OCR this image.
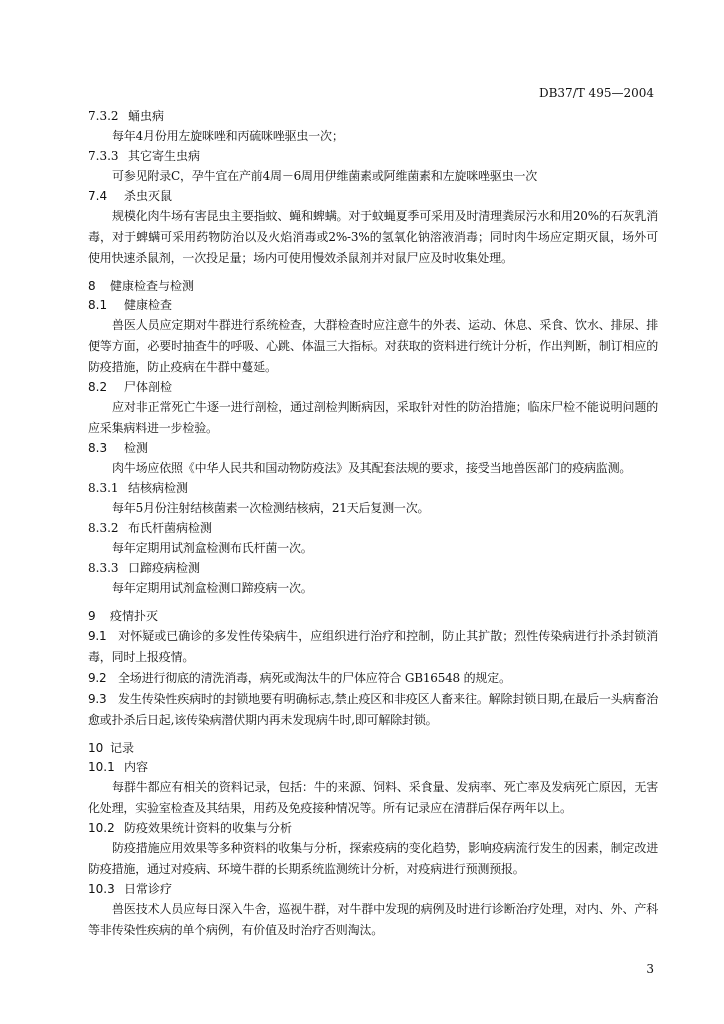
DB37/T 495—2004
7.3.2 蛹虫病
每年4月份用左旋咪唑和丙硫咪唑驱虫一次；
7.3.3 其它寄生虫病
可参见附录C，孕牛宜在产前4周－6周用伊维菌素或阿维菌素和左旋咪唑驱虫一次
7.4 杀虫灭鼠
规模化肉牛场有害昆虫主要指蚊、蝇和蜱螨。对于蚊蝇夏季可采用及时清理粪尿污水和用20%的石灰乳消毒，对于蜱螨可采用药物防治以及火焰消毒或2%-3%的氢氧化钠溶液消毒；同时肉牛场应定期灭鼠，场外可使用快速杀鼠剂，一次投足量；场内可使用慢效杀鼠剂并对鼠尸应及时收集处理。
8 健康检查与检测
8.1 健康检查
兽医人员应定期对牛群进行系统检查，大群检查时应注意牛的外表、运动、休息、采食、饮水、排尿、排便等方面，必要时抽查牛的呼吸、心跳、体温三大指标。对获取的资料进行统计分析，作出判断，制订相应的防疫措施，防止疫病在牛群中蔓延。
8.2 尸体剖检
应对非正常死亡牛逐一进行剖检，通过剖检判断病因，采取针对性的防治措施；临床尸检不能说明问题的应采集病料进一步检验。
8.3 检测
肉牛场应依照《中华人民共和国动物防疫法》及其配套法规的要求，接受当地兽医部门的疫病监测。
8.3.1 结核病检测
每年5月份注射结核菌素一次检测结核病，21天后复测一次。
8.3.2 布氏杆菌病检测
每年定期用试剂盒检测布氏杆菌一次。
8.3.3 口蹄疫病检测
每年定期用试剂盒检测口蹄疫病一次。
9 疫情扑灭
9.1 对怀疑或已确诊的多发性传染病牛，应组织进行治疗和控制，防止其扩散；烈性传染病进行扑杀封锁消毒，同时上报疫情。
9.2 全场进行彻底的清洗消毒，病死或淘汰牛的尸体应符合 GB16548 的规定。
9.3 发生传染性疾病时的封锁地要有明确标志,禁止疫区和非疫区人畜来往。解除封锁日期,在最后一头病畜治愈或扑杀后日起,该传染病潜伏期内再未发现病牛时,即可解除封锁。
10 记录
10.1 内容
每群牛都应有相关的资料记录，包括：牛的来源、饲料、采食量、发病率、死亡率及发病死亡原因，无害化处理，实验室检查及其结果，用药及免疫接种情况等。所有记录应在清群后保存两年以上。
10.2 防疫效果统计资料的收集与分析
防疫措施应用效果等多种资料的收集与分析，探索疫病的变化趋势，影响疫病流行发生的因素，制定改进防疫措施，通过对疫病、环境牛群的长期系统监测统计分析，对疫病进行预测预报。
10.3 日常诊疗
兽医技术人员应每日深入牛舍，巡视牛群，对牛群中发现的病例及时进行诊断治疗处理，对内、外、产科等非传染性疾病的单个病例，有价值及时治疗否则淘汰。
3
